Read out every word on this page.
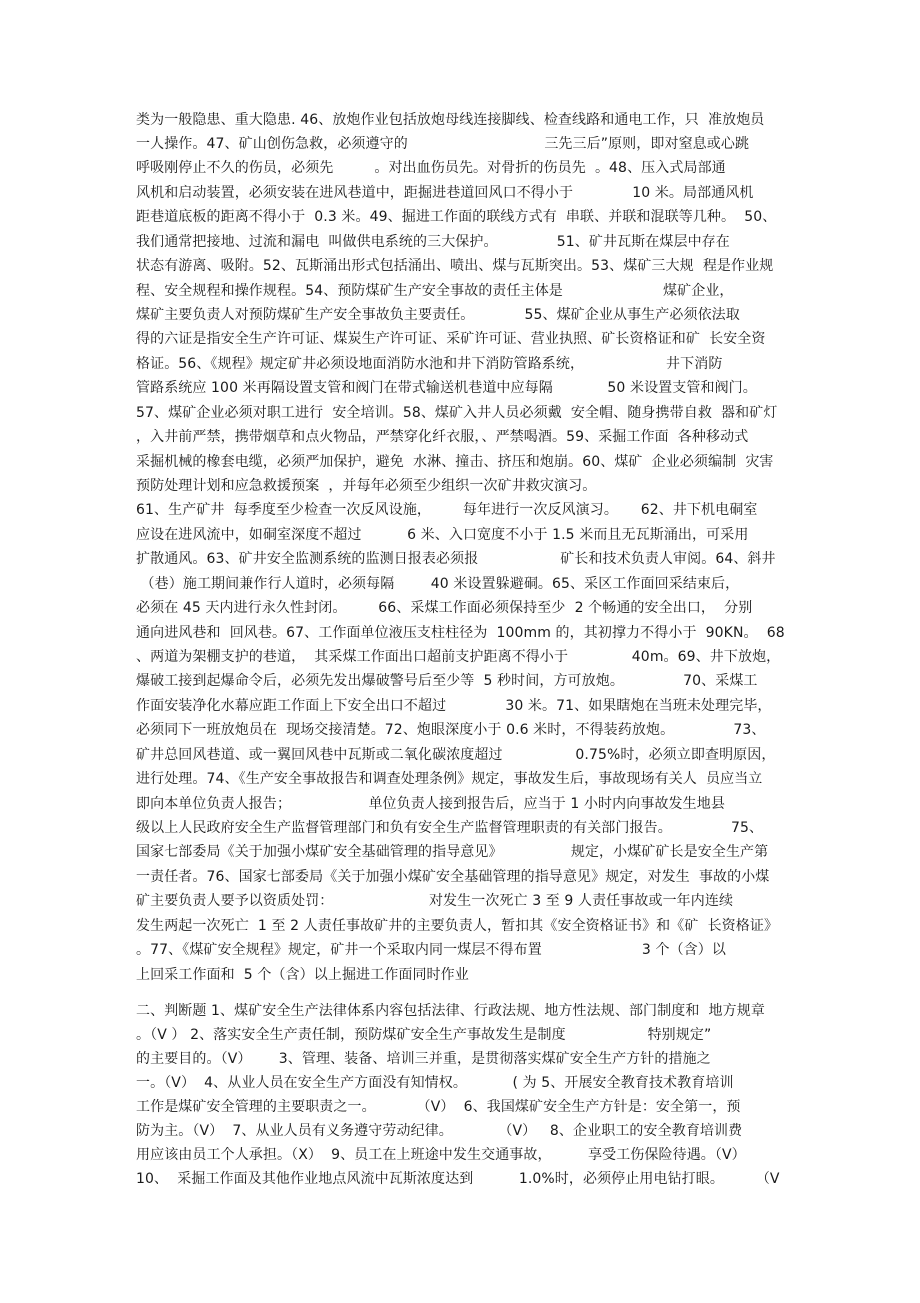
类为一般隐患、重大隐患. 46、放炮作业包括放炮母线连接脚线、检查线路和通电工作，只  准放炮员
一人操作。47、矿山创伤急救，必须遵守的                              三先三后”原则，即对窒息或心跳
呼吸刚停止不久的伤员，必须先         。对出血伤员先。对骨折的伤员先  。48、压入式局部通
风机和启动装置，必须安装在进风巷道中，距掘进巷道回风口不得小于             10 米。局部通风机
距巷道底板的距离不得小于  0.3 米。49、掘进工作面的联线方式有  串联、并联和混联等几种。  50、
我们通常把接地、过流和漏电  叫做供电系统的三大保护。             51、矿井瓦斯在煤层中存在
状态有游离、吸附。52、瓦斯涌出形式包括涌出、喷出、煤与瓦斯突出。53、煤矿三大规  程是作业规
程、安全规程和操作规程。54、预防煤矿生产安全事故的责任主体是                      煤矿企业，
煤矿主要负责人对预防煤矿生产安全事故负主要责任。           55、煤矿企业从事生产必须依法取
得的六证是指安全生产许可证、煤炭生产许可证、采矿许可证、营业执照、矿长资格证和矿  长安全资
格证。56、《规程》规定矿井必须设地面消防水池和井下消防管路系统，                  井下消防
管路系统应 100 米再隔设置支管和阀门在带式输送机巷道中应每隔            50 米设置支管和阀门。
57、煤矿企业必须对职工进行  安全培训。58、煤矿入井人员必须戴  安全帽、随身携带自救  器和矿灯
，入井前严禁，携带烟草和点火物品，严禁穿化纤衣服，、严禁喝酒。59、采掘工作面  各种移动式
采掘机械的橡套电缆，必须严加保护，避免  水淋、撞击、挤压和炮崩。60、煤矿  企业必须编制  灾害
预防处理计划和应急救援预案  ，并每年必须至少组织一次矿井救灾演习。
61、生产矿井  每季度至少检查一次反风设施，       每年进行一次反风演习。     62、井下机电硐室
应设在进风流中，如硐室深度不超过          6 米、入口宽度不小于 1.5 米而且无瓦斯涌出，可采用
扩散通风。63、矿井安全监测系统的监测日报表必须报                  矿长和技术负责人审阅。64、斜井
（巷）施工期间兼作行人道时，必须每隔        40 米设置躲避硐。65、采区工作面回采结束后，
必须在 45 天内进行永久性封闭。       66、采煤工作面必须保持至少  2 个畅通的安全出口，  分别
通向进风巷和  回风巷。67、工作面单位液压支柱柱径为  100mm 的，其初撑力不得小于  90KN。  68
、两道为架棚支护的巷道，  其采煤工作面出口超前支护距离不得小于              40m。69、井下放炮，
爆破工接到起爆命令后，必须先发出爆破警号后至少等  5 秒时间，方可放炮。             70、采煤工
作面安装净化水幕应距工作面上下安全出口不超过             30 米。71、如果瞎炮在当班未处理完毕，
必须同下一班放炮员在  现场交接清楚。72、炮眼深度小于 0.6 米时，不得装药放炮。             73、
矿井总回风巷道、或一翼回风巷中瓦斯或二氧化碳浓度超过                0.75%时，必须立即查明原因，
进行处理。74、《生产安全事故报告和调查处理条例》规定，事故发生后，事故现场有关人  员应当立
即向本单位负责人报告；                 单位负责人接到报告后，应当于 1 小时内向事故发生地县
级以上人民政府安全生产监督管理部门和负有安全生产监督管理职责的有关部门报告。             75、
国家七部委局《关于加强小煤矿安全基础管理的指导意见》               规定，小煤矿矿长是安全生产第
一责任者。76、国家七部委局《关于加强小煤矿安全基础管理的指导意见》规定，对发生  事故的小煤
矿主要负责人要予以资质处罚：                     对发生一次死亡 3 至 9 人责任事故或一年内连续
发生两起一次死亡  1 至 2 人责任事故矿井的主要负责人，暂扣其《安全资格证书》和《矿  长资格证》
。77、《煤矿安全规程》规定，矿井一个采取内同一煤层不得布置                      3 个（含）以
上回采工作面和  5 个（含）以上掘进工作面同时作业
二、判断题 1、煤矿安全生产法律体系内容包括法律、行政法规、地方性法规、部门制度和  地方规章
。（V ） 2、落实安全生产责任制，预防煤矿安全生产事故发生是制度                  特别规定”
的主要目的。（V）      3、管理、装备、培训三并重，是贯彻落实煤矿安全生产方针的措施之
一。（V）  4、从业人员在安全生产方面没有知情权。          ( 为 5、开展安全教育技术教育培训
工作是煤矿安全管理的主要职责之一。         （V）  6、我国煤矿安全生产方针是：安全第一，预
防为主。（V）  7、从业人员有义务遵守劳动纪律。          （V）   8、企业职工的安全教育培训费
用应该由员工个人承担。（X）  9、员工在上班途中发生交通事故，        享受工伤保险待遇。（V）
10、  采掘工作面及其他作业地点风流中瓦斯浓度达到          1.0%时，必须停止用电钻打眼。       （V
